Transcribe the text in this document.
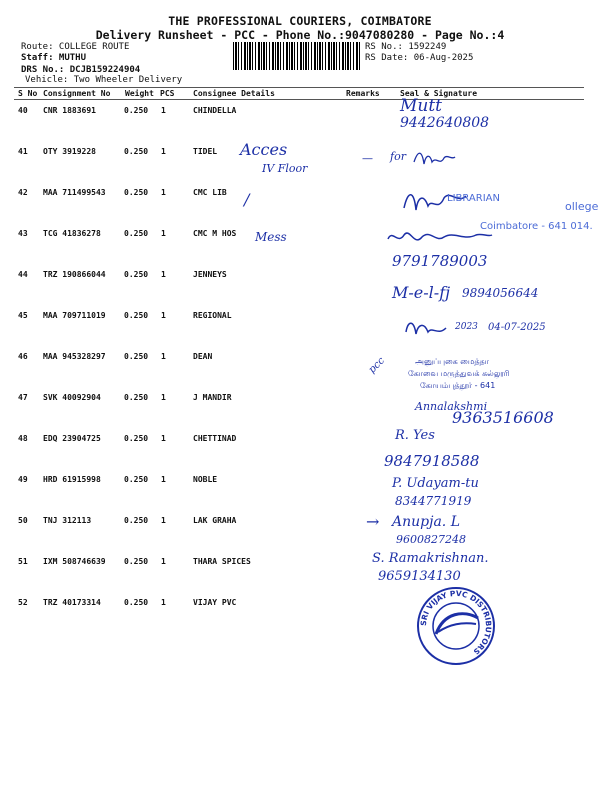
THE PROFESSIONAL COURIERS, COIMBATORE
Delivery Runsheet - PCC - Phone No.:9047080280 - Page No.:4
Route: COLLEGE ROUTE
Staff: MUTHU
DRS No.: DCJB159224904
Vehicle: Two Wheeler Delivery
RS No.: 1592249
RS Date: 06-Aug-2025
S No Consignment No Weight PCS Consignee Details	Remarks	Seal & Signature
40 CNR 1883691	0.250 1	CHINDELLA
41 OTY 3919228	0.250 1	TIDEL
42 MAA 711499543 0.250 1	CMC LIB
43 TCG 41836278	0.250 1	CMC M HOS
44 TRZ 190866044 0.250 1	JENNEYS
45 MAA 709711019 0.250 1	REGIONAL
46 MAA 945328297 0.250 1	DEAN
47 SVK 40092904	0.250 1	J MANDIR
48 EDQ 23904725	0.250 1	CHETTINAD
49 HRD 61915998	0.250 1	NOBLE
50 TNJ 312113	0.250 1	LAK GRAHA
51 IXM 508746639 0.250 1	THARA SPICES
52 TRZ 40173314	0.250 1	VIJAY PVC
Mutt
9442640808
Acces
IV Floor
— for
/	LIBRARIAN
ollege
Coimbatore - 641 014.
Mess
9791789003
M-e-l-fj 9894056644
2023 04-07-2025
pcc	அனுப்புகை மைத்தா
கோவை மருத்துவக் கல்லூரி
கோயம்புத்தூர் - 641
Annalakshmi
9363516608
R. Yes
9847918588
P. Udayam-tu
8344771919
→ Anupja. L
9600827248
S. Ramakrishnan.
9659134130
SRI VIJAY PVC DISTRIBUTORS
